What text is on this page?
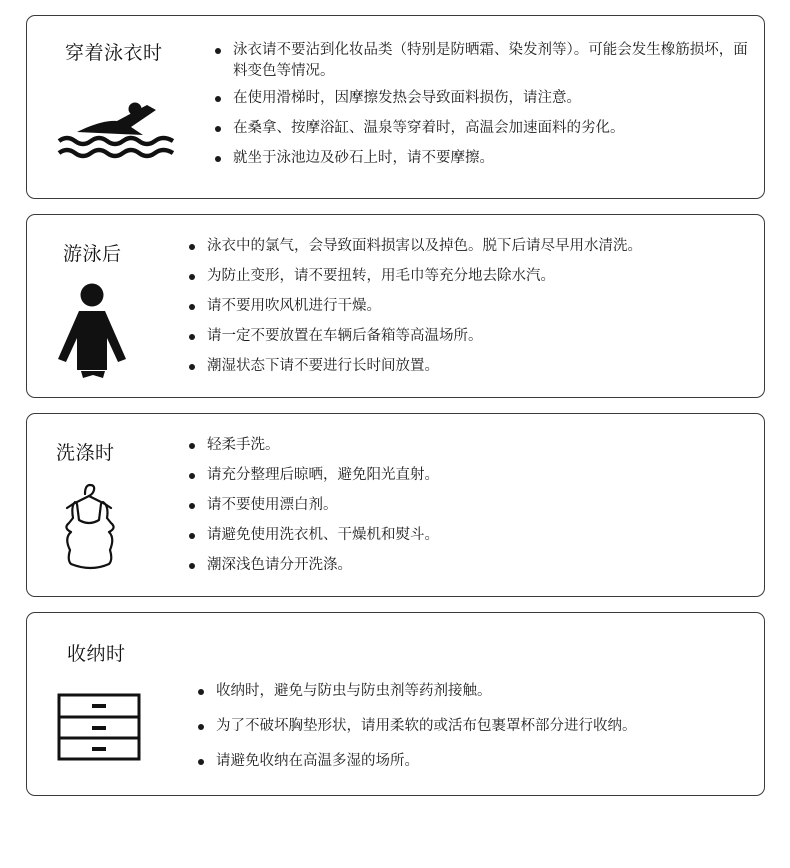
穿着泳衣时	泳衣请不要沾到化妆品类（特别是防晒霜、染发剂等）。可能会发生橡筋损坏，面料变色等情况。
在使用滑梯时，因摩擦发热会导致面料损伤，请注意。
在桑拿、按摩浴缸、温泉等穿着时，高温会加速面料的劣化。
就坐于泳池边及砂石上时，请不要摩擦。
游泳后	泳衣中的氯气，会导致面料损害以及掉色。脱下后请尽早用水清洗。
为防止变形，请不要扭转，用毛巾等充分地去除水汽。
请不要用吹风机进行干燥。
请一定不要放置在车辆后备箱等高温场所。
潮湿状态下请不要进行长时间放置。
洗涤时	轻柔手洗。
请充分整理后晾晒，避免阳光直射。
请不要使用漂白剂。
请避免使用洗衣机、干燥机和熨斗。
潮深浅色请分开洗涤。
收纳时
收纳时，避免与防虫与防虫剂等药剂接触。
为了不破坏胸垫形状，请用柔软的或活布包裹罩杯部分进行收纳。
请避免收纳在高温多湿的场所。
